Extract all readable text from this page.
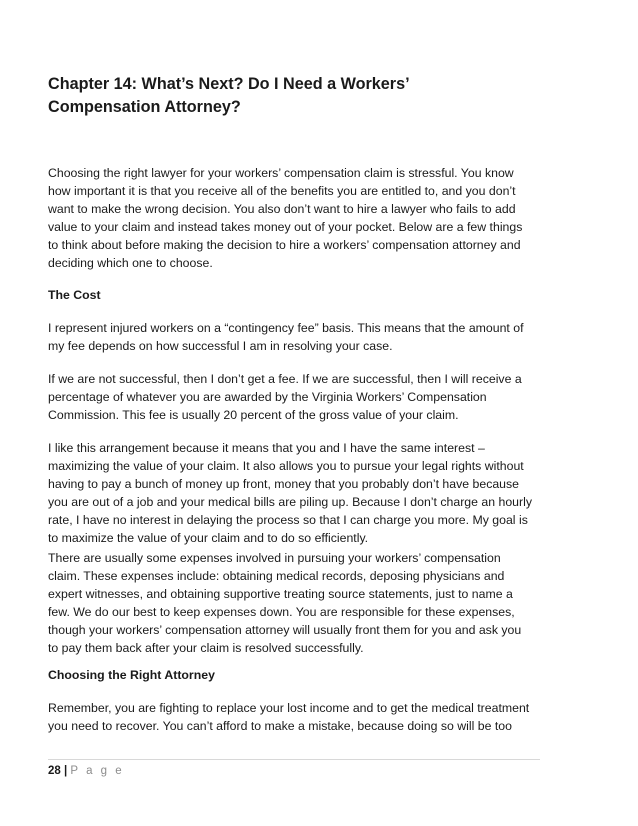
Chapter 14: What’s Next? Do I Need a Workers’
Compensation Attorney?
Choosing the right lawyer for your workers’ compensation claim is stressful. You know
how important it is that you receive all of the benefits you are entitled to, and you don’t
want to make the wrong decision. You also don’t want to hire a lawyer who fails to add
value to your claim and instead takes money out of your pocket. Below are a few things
to think about before making the decision to hire a workers’ compensation attorney and
deciding which one to choose.
The Cost
I represent injured workers on a “contingency fee” basis. This means that the amount of
my fee depends on how successful I am in resolving your case.
If we are not successful, then I don’t get a fee. If we are successful, then I will receive a
percentage of whatever you are awarded by the Virginia Workers’ Compensation
Commission. This fee is usually 20 percent of the gross value of your claim.
I like this arrangement because it means that you and I have the same interest –
maximizing the value of your claim. It also allows you to pursue your legal rights without
having to pay a bunch of money up front, money that you probably don’t have because
you are out of a job and your medical bills are piling up. Because I don’t charge an hourly
rate, I have no interest in delaying the process so that I can charge you more. My goal is
to maximize the value of your claim and to do so efficiently.
There are usually some expenses involved in pursuing your workers’ compensation
claim. These expenses include: obtaining medical records, deposing physicians and
expert witnesses, and obtaining supportive treating source statements, just to name a
few. We do our best to keep expenses down. You are responsible for these expenses,
though your workers’ compensation attorney will usually front them for you and ask you
to pay them back after your claim is resolved successfully.
Choosing the Right Attorney
Remember, you are fighting to replace your lost income and to get the medical treatment
you need to recover. You can’t afford to make a mistake, because doing so will be too
28 | P a g e
